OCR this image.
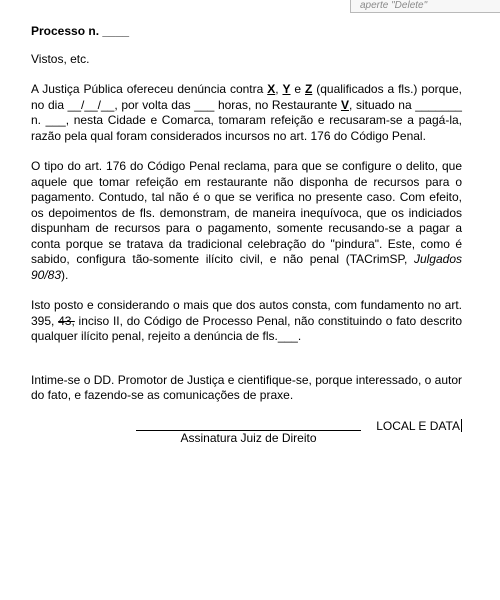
aperte "Delete"
Processo n. ____

Vistos, etc.

A Justiça Pública ofereceu denúncia contra X, Y e Z (qualificados a fls.) porque, no dia __/__/__, por volta das ___ horas, no Restaurante V, situado na _______ n. ___, nesta Cidade e Comarca, tomaram refeição e recusaram-se a pagá-la, razão pela qual foram considerados incursos no art. 176 do Código Penal.

O tipo do art. 176 do Código Penal reclama, para que se configure o delito, que aquele que tomar refeição em restaurante não disponha de recursos para o pagamento. Contudo, tal não é o que se verifica no presente caso. Com efeito, os depoimentos de fls. demonstram, de maneira inequívoca, que os indiciados dispunham de recursos para o pagamento, somente recusando-se a pagar a conta porque se tratava da tradicional celebração do "pindura". Este, como é sabido, configura tão-somente ilícito civil, e não penal (TACrimSP, Julgados 90/83).

Isto posto e considerando o mais que dos autos consta, com fundamento no art. 395, 43, inciso II, do Código de Processo Penal, não constituindo o fato descrito qualquer ilícito penal, rejeito a denúncia de fls.___.

Intime-se o DD. Promotor de Justiça e cientifique-se, porque interessado, o autor do fato, e fazendo-se as comunicações de praxe.

LOCAL E DATA
Assinatura Juiz de Direito
